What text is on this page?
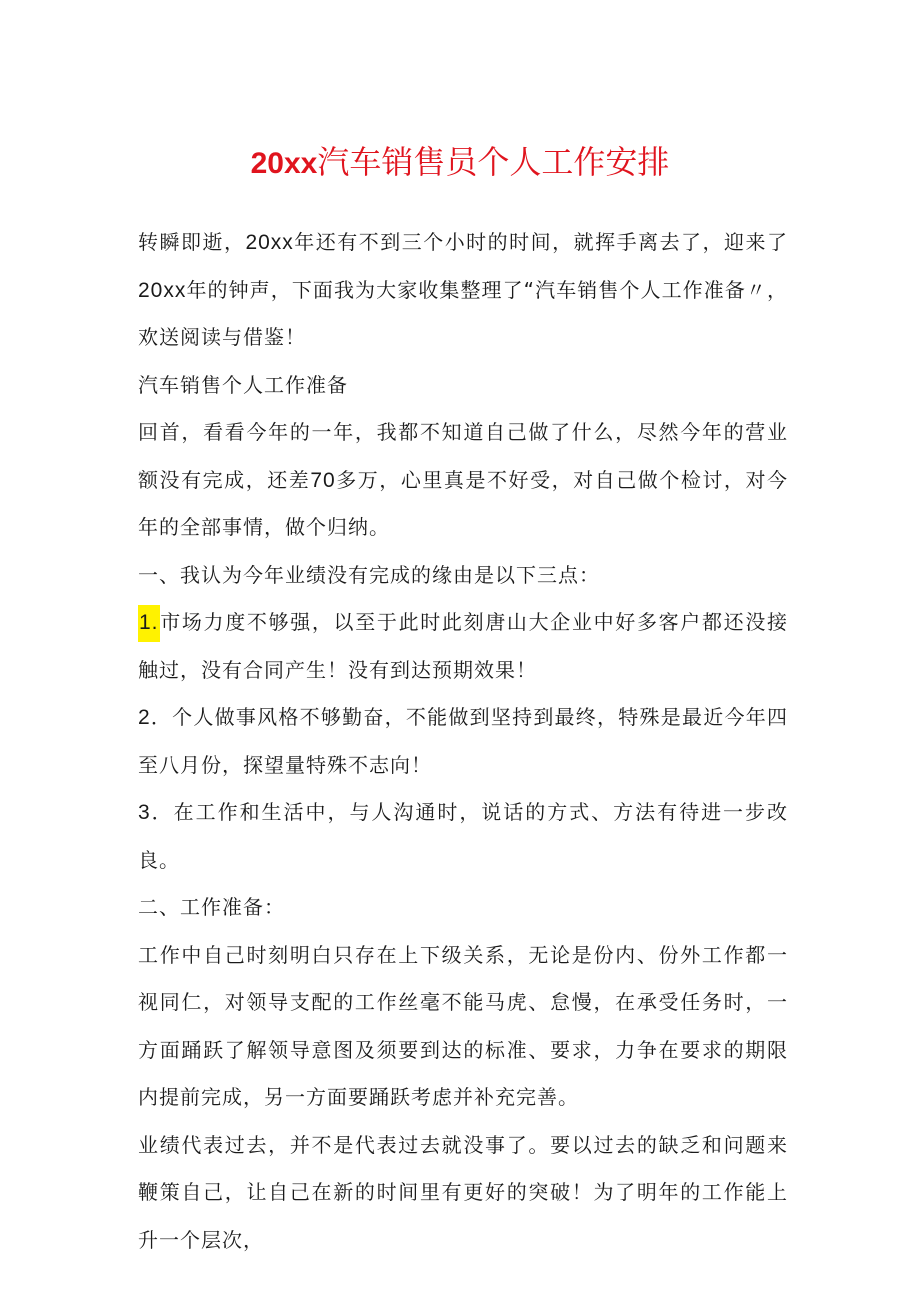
20xx汽车销售员个人工作安排

转瞬即逝，20xx年还有不到三个小时的时间，就挥手离去了，迎来了20xx年的钟声，下面我为大家收集整理了“汽车销售个人工作准备〃，欢送阅读与借鉴！

汽车销售个人工作准备

回首，看看今年的一年，我都不知道自己做了什么，尽然今年的营业额没有完成，还差70多万，心里真是不好受，对自己做个检讨，对今年的全部事情，做个归纳。

一、我认为今年业绩没有完成的缘由是以下三点：

1.市场力度不够强，以至于此时此刻唐山大企业中好多客户都还没接触过，没有合同产生！没有到达预期效果！

2．个人做事风格不够勤奋，不能做到坚持到最终，特殊是最近今年四至八月份，探望量特殊不志向！

3．在工作和生活中，与人沟通时，说话的方式、方法有待进一步改良。

二、工作准备：

工作中自己时刻明白只存在上下级关系，无论是份内、份外工作都一视同仁，对领导支配的工作丝毫不能马虎、怠慢，在承受任务时，一方面踊跃了解领导意图及须要到达的标准、要求，力争在要求的期限内提前完成，另一方面要踊跃考虑并补充完善。

业绩代表过去，并不是代表过去就没事了。要以过去的缺乏和问题来鞭策自己，让自己在新的时间里有更好的突破！为了明年的工作能上升一个层次，
